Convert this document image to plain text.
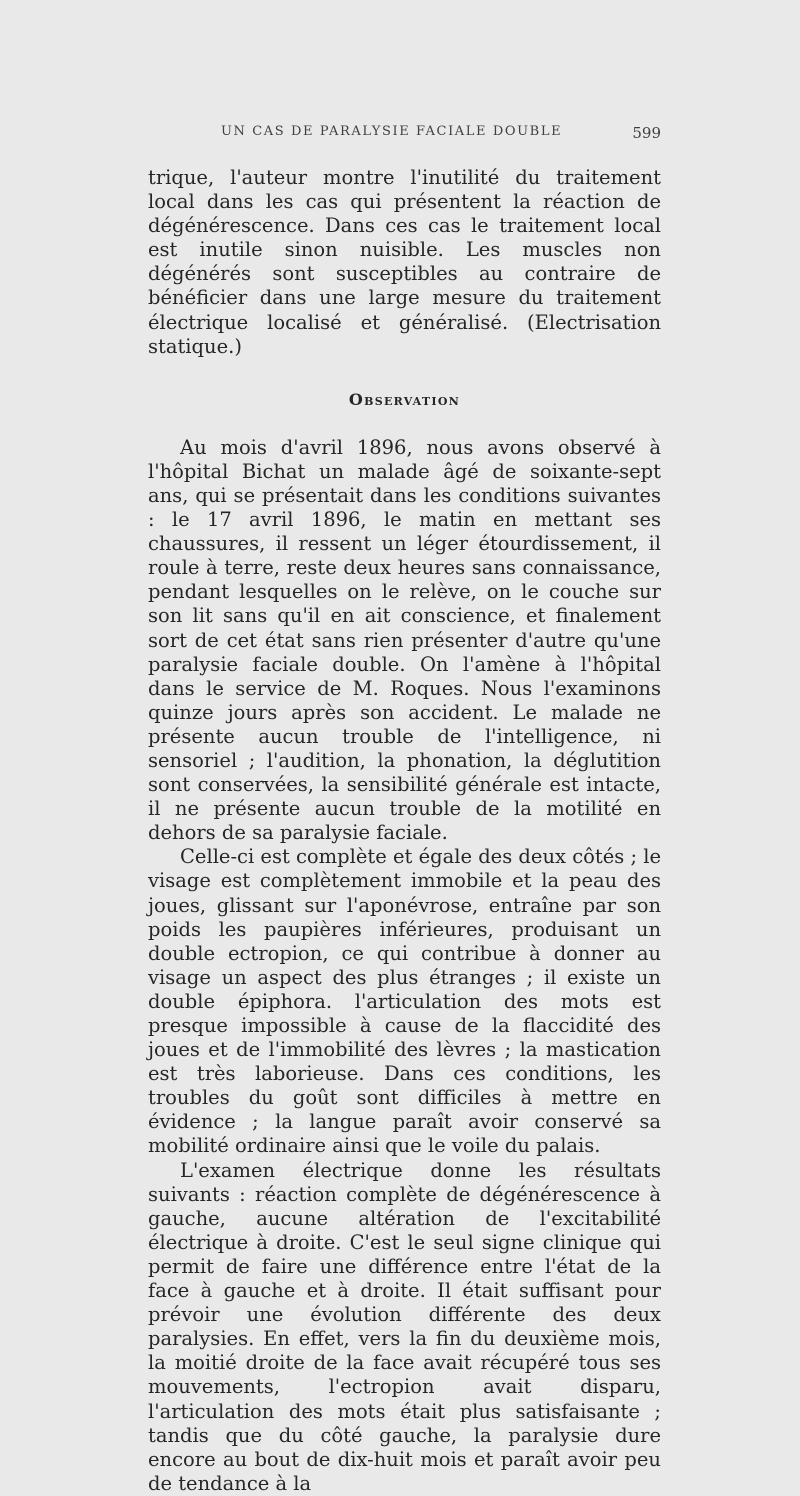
UN CAS DE PARALYSIE FACIALE DOUBLE	599

trique, l'auteur montre l'inutilité du traitement local dans les cas qui présentent la réaction de dégénérescence. Dans ces cas le traitement local est inutile sinon nuisible. Les muscles non dégénérés sont susceptibles au contraire de bénéficier dans une large mesure du traitement électrique localisé et généralisé. (Electrisation statique.)

Observation

Au mois d'avril 1896, nous avons observé à l'hôpital Bichat un malade âgé de soixante-sept ans, qui se présentait dans les conditions suivantes : le 17 avril 1896, le matin en mettant ses chaussures, il ressent un léger étourdissement, il roule à terre, reste deux heures sans connaissance, pendant lesquelles on le relève, on le couche sur son lit sans qu'il en ait conscience, et finalement sort de cet état sans rien présenter d'autre qu'une paralysie faciale double. On l'amène à l'hôpital dans le service de M. Roques. Nous l'examinons quinze jours après son accident. Le malade ne présente aucun trouble de l'intelligence, ni sensoriel ; l'audition, la phonation, la déglutition sont conservées, la sensibilité générale est intacte, il ne présente aucun trouble de la motilité en dehors de sa paralysie faciale.

Celle-ci est complète et égale des deux côtés ; le visage est complètement immobile et la peau des joues, glissant sur l'aponévrose, entraîne par son poids les paupières inférieures, produisant un double ectropion, ce qui contribue à donner au visage un aspect des plus étranges ; il existe un double épiphora. l'articulation des mots est presque impossible à cause de la flaccidité des joues et de l'immobilité des lèvres ; la mastication est très laborieuse. Dans ces conditions, les troubles du goût sont difficiles à mettre en évidence ; la langue paraît avoir conservé sa mobilité ordinaire ainsi que le voile du palais.

L'examen électrique donne les résultats suivants : réaction complète de dégénérescence à gauche, aucune altération de l'excitabilité électrique à droite. C'est le seul signe clinique qui permit de faire une différence entre l'état de la face à gauche et à droite. Il était suffisant pour prévoir une évolution différente des deux paralysies. En effet, vers la fin du deuxième mois, la moitié droite de la face avait récupéré tous ses mouvements, l'ectropion avait disparu, l'articulation des mots était plus satisfaisante ; tandis que du côté gauche, la paralysie dure encore au bout de dix-huit mois et paraît avoir peu de tendance à la
